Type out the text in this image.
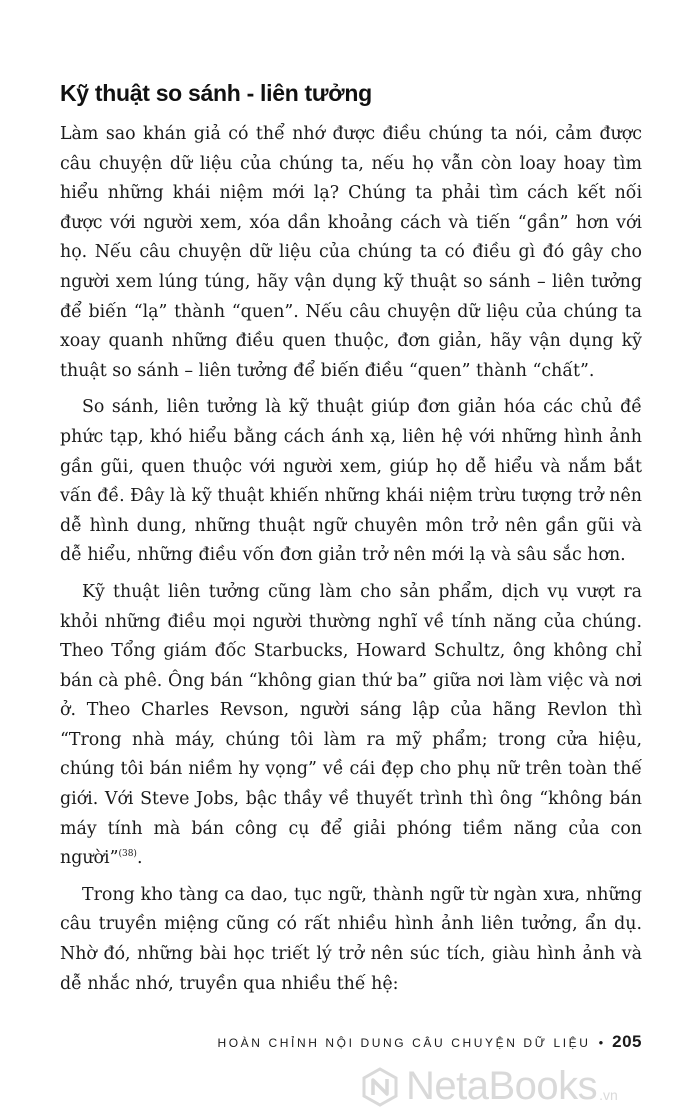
Kỹ thuật so sánh - liên tưởng

Làm sao khán giả có thể nhớ được điều chúng ta nói, cảm được câu chuyện dữ liệu của chúng ta, nếu họ vẫn còn loay hoay tìm hiểu những khái niệm mới lạ? Chúng ta phải tìm cách kết nối được với người xem, xóa dần khoảng cách và tiến “gần” hơn với họ. Nếu câu chuyện dữ liệu của chúng ta có điều gì đó gây cho người xem lúng túng, hãy vận dụng kỹ thuật so sánh – liên tưởng để biến “lạ” thành “quen”. Nếu câu chuyện dữ liệu của chúng ta xoay quanh những điều quen thuộc, đơn giản, hãy vận dụng kỹ thuật so sánh – liên tưởng để biến điều “quen” thành “chất”.

So sánh, liên tưởng là kỹ thuật giúp đơn giản hóa các chủ đề phức tạp, khó hiểu bằng cách ánh xạ, liên hệ với những hình ảnh gần gũi, quen thuộc với người xem, giúp họ dễ hiểu và nắm bắt vấn đề. Đây là kỹ thuật khiến những khái niệm trừu tượng trở nên dễ hình dung, những thuật ngữ chuyên môn trở nên gần gũi và dễ hiểu, những điều vốn đơn giản trở nên mới lạ và sâu sắc hơn.

Kỹ thuật liên tưởng cũng làm cho sản phẩm, dịch vụ vượt ra khỏi những điều mọi người thường nghĩ về tính năng của chúng. Theo Tổng giám đốc Starbucks, Howard Schultz, ông không chỉ bán cà phê. Ông bán “không gian thứ ba” giữa nơi làm việc và nơi ở. Theo Charles Revson, người sáng lập của hãng Revlon thì “Trong nhà máy, chúng tôi làm ra mỹ phẩm; trong cửa hiệu, chúng tôi bán niềm hy vọng” về cái đẹp cho phụ nữ trên toàn thế giới. Với Steve Jobs, bậc thầy về thuyết trình thì ông “không bán máy tính mà bán công cụ để giải phóng tiềm năng của con người”$^{(38)}$.

Trong kho tàng ca dao, tục ngữ, thành ngữ từ ngàn xưa, những câu truyền miệng cũng có rất nhiều hình ảnh liên tưởng, ẩn dụ. Nhờ đó, những bài học triết lý trở nên súc tích, giàu hình ảnh và dễ nhắc nhớ, truyền qua nhiều thế hệ:

HOÀN CHỈNH NỘI DUNG CÂU CHUYỆN DỮ LIỆU • 205
NetaBooks .vn
